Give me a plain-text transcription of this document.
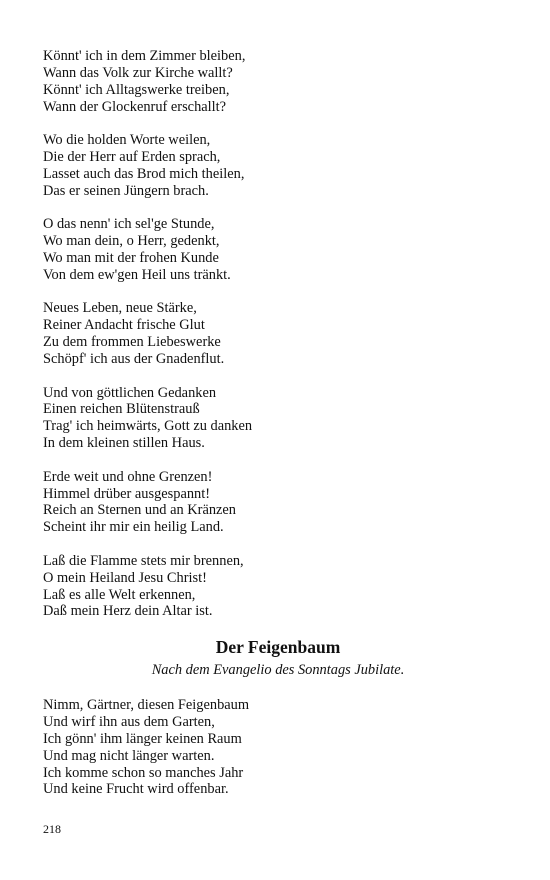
Könnt' ich in dem Zimmer bleiben,
Wann das Volk zur Kirche wallt?
Könnt' ich Alltagswerke treiben,
Wann der Glockenruf erschallt?
Wo die holden Worte weilen,
Die der Herr auf Erden sprach,
Lasset auch das Brod mich theilen,
Das er seinen Jüngern brach.
O das nenn' ich sel'ge Stunde,
Wo man dein, o Herr, gedenkt,
Wo man mit der frohen Kunde
Von dem ew'gen Heil uns tränkt.
Neues Leben, neue Stärke,
Reiner Andacht frische Glut
Zu dem frommen Liebeswerke
Schöpf' ich aus der Gnadenflut.
Und von göttlichen Gedanken
Einen reichen Blütenstrauß
Trag' ich heimwärts, Gott zu danken
In dem kleinen stillen Haus.
Erde weit und ohne Grenzen!
Himmel drüber ausgespannt!
Reich an Sternen und an Kränzen
Scheint ihr mir ein heilig Land.
Laß die Flamme stets mir brennen,
O mein Heiland Jesu Christ!
Laß es alle Welt erkennen,
Daß mein Herz dein Altar ist.
Der Feigenbaum
Nach dem Evangelio des Sonntags Jubilate.
Nimm, Gärtner, diesen Feigenbaum
Und wirf ihn aus dem Garten,
Ich gönn' ihm länger keinen Raum
Und mag nicht länger warten.
Ich komme schon so manches Jahr
Und keine Frucht wird offenbar.
218
